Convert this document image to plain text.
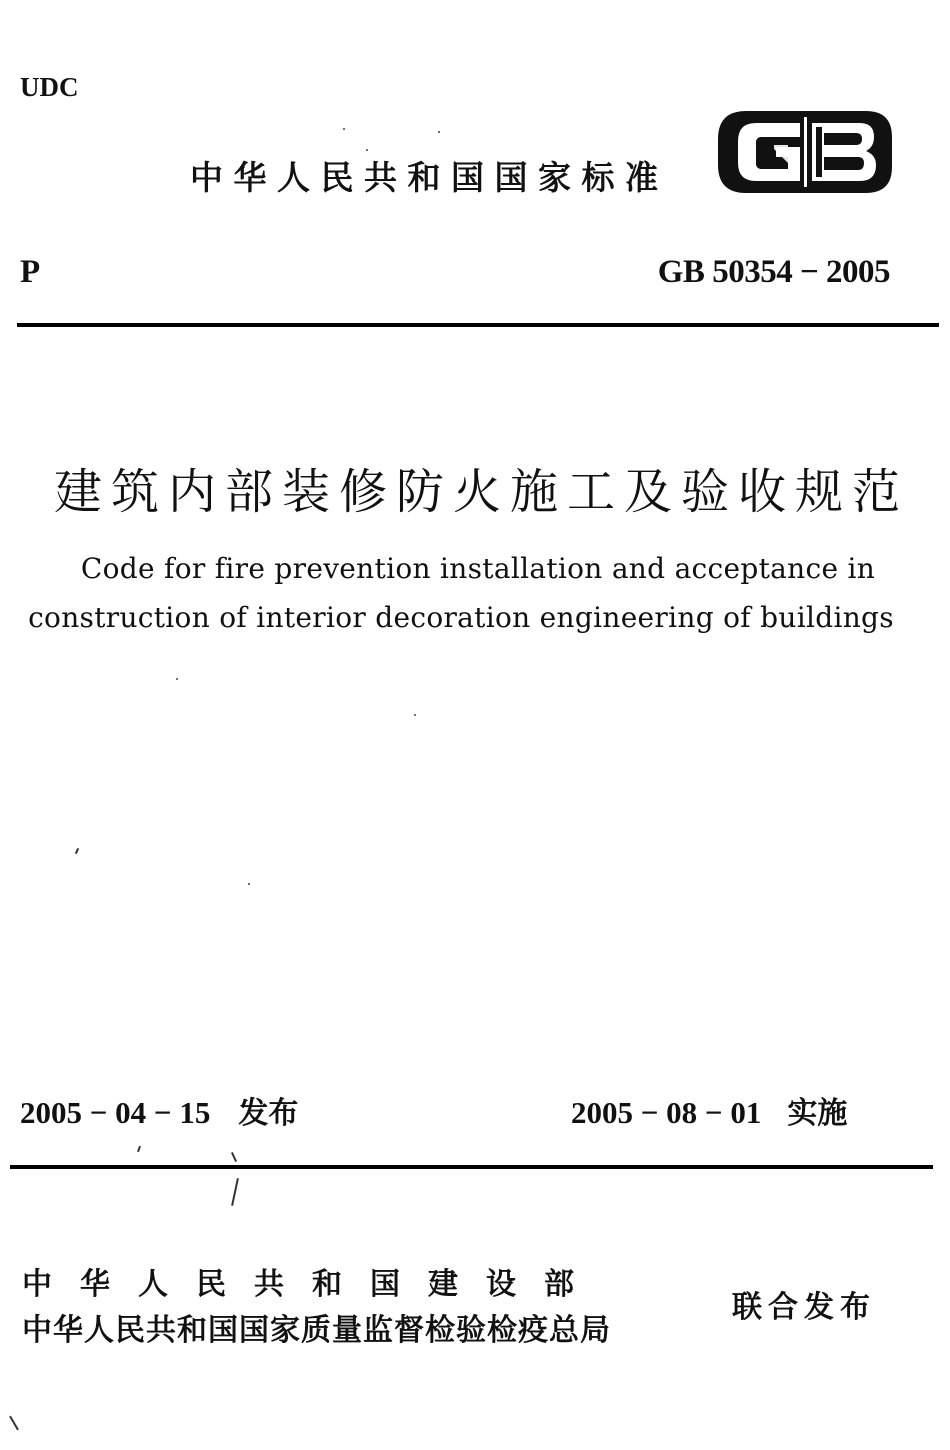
UDC
中华人民共和国国家标准
P	GB 50354 − 2005
建筑内部装修防火施工及验收规范
Code for fire prevention installation and acceptance in
construction of interior decoration engineering of buildings
2005 − 04 − 15 发布	2005 − 08 − 01 实施
中华人民共和国建设部
中华人民共和国国家质量监督检验检疫总局
联合发布
